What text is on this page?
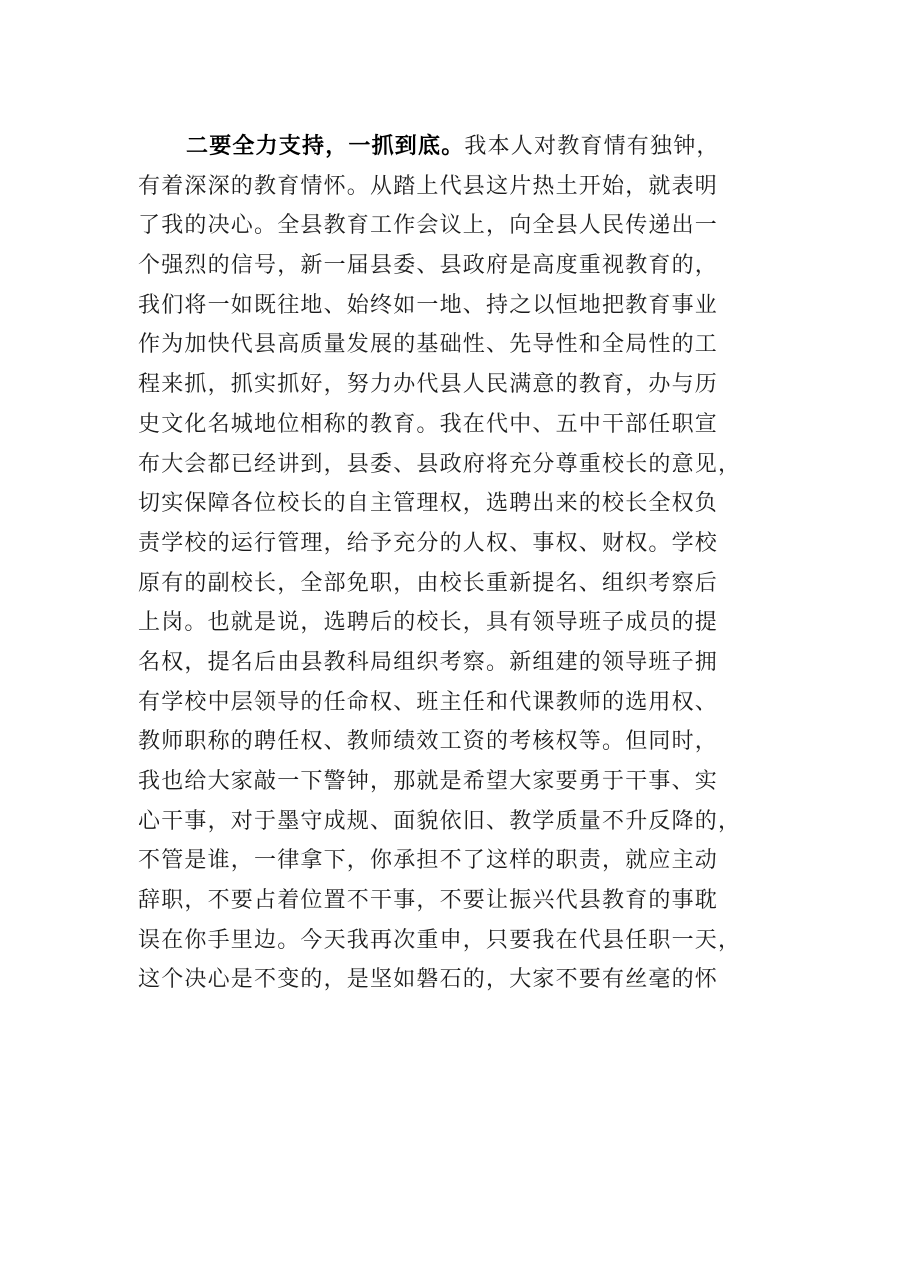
二要全力支持，一抓到底。我本人对教育情有独钟，
有着深深的教育情怀。从踏上代县这片热土开始，就表明
了我的决心。全县教育工作会议上，向全县人民传递出一
个强烈的信号，新一届县委、县政府是高度重视教育的，
我们将一如既往地、始终如一地、持之以恒地把教育事业
作为加快代县高质量发展的基础性、先导性和全局性的工
程来抓，抓实抓好，努力办代县人民满意的教育，办与历
史文化名城地位相称的教育。我在代中、五中干部任职宣
布大会都已经讲到，县委、县政府将充分尊重校长的意见，
切实保障各位校长的自主管理权，选聘出来的校长全权负
责学校的运行管理，给予充分的人权、事权、财权。学校
原有的副校长，全部免职，由校长重新提名、组织考察后
上岗。也就是说，选聘后的校长，具有领导班子成员的提
名权，提名后由县教科局组织考察。新组建的领导班子拥
有学校中层领导的任命权、班主任和代课教师的选用权、
教师职称的聘任权、教师绩效工资的考核权等。但同时，
我也给大家敲一下警钟，那就是希望大家要勇于干事、实
心干事，对于墨守成规、面貌依旧、教学质量不升反降的，
不管是谁，一律拿下，你承担不了这样的职责，就应主动
辞职，不要占着位置不干事，不要让振兴代县教育的事耽
误在你手里边。今天我再次重申，只要我在代县任职一天，
这个决心是不变的，是坚如磐石的，大家不要有丝毫的怀
